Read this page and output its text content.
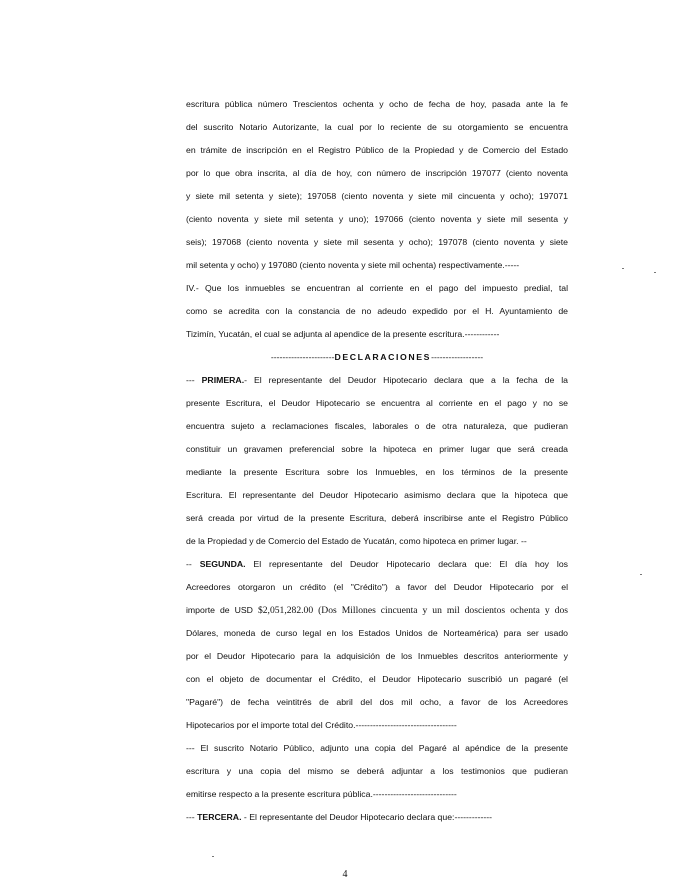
escritura pública número Trescientos ochenta y ocho de fecha de hoy, pasada ante la fe
del suscrito Notario Autorizante, la cual por lo reciente de su otorgamiento se encuentra
en trámite de inscripción en el Registro Público de la Propiedad y de Comercio del Estado
por lo que obra inscrita, al día de hoy, con número de inscripción 197077 (ciento noventa
y siete mil setenta y siete); 197058 (ciento noventa y siete mil cincuenta y ocho); 197071
(ciento noventa y siete mil setenta y uno); 197066 (ciento noventa y siete mil sesenta y
seis); 197068 (ciento noventa y siete mil sesenta y ocho); 197078 (ciento noventa y siete
mil setenta y ocho) y 197080 (ciento noventa y siete mil ochenta) respectivamente.-----
IV.- Que los inmuebles se encuentran al corriente en el pago del impuesto predial, tal
como se acredita con la constancia de no adeudo expedido por el H. Ayuntamiento de
Tizimín, Yucatán, el cual se adjunta al apendice de la presente escritura.------------
----------------------DECLARACIONES------------------
--- PRIMERA.- El representante del Deudor Hipotecario declara que a la fecha de la
presente Escritura, el Deudor Hipotecario se encuentra al corriente en el pago y no se
encuentra sujeto a reclamaciones fiscales, laborales o de otra naturaleza, que pudieran
constituir un gravamen preferencial sobre la hipoteca en primer lugar que será creada
mediante la presente Escritura sobre los Inmuebles, en los términos de la presente
Escritura. El representante del Deudor Hipotecario asimismo declara que la hipoteca que
será creada por virtud de la presente Escritura, deberá inscribirse ante el Registro Público
de la Propiedad y de Comercio del Estado de Yucatán, como hipoteca en primer lugar. --
-- SEGUNDA. El representante del Deudor Hipotecario declara que: El día hoy los
Acreedores otorgaron un crédito (el "Crédito") a favor del Deudor Hipotecario por el
importe de USD $2,051,282.00 (Dos Millones cincuenta y un mil doscientos ochenta y dos
Dólares, moneda de curso legal en los Estados Unidos de Norteamérica) para ser usado
por el Deudor Hipotecario para la adquisición de los Inmuebles descritos anteriormente y
con el objeto de documentar el Crédito, el Deudor Hipotecario suscribió un pagaré (el
"Pagaré") de fecha veintitrés de abril del dos mil ocho, a favor de los Acreedores
Hipotecarios por el importe total del Crédito.-----------------------------------
--- El suscrito Notario Público, adjunto una copia del Pagaré al apéndice de la presente
escritura y una copia del mismo se deberá adjuntar a los testimonios que pudieran
emitirse respecto a la presente escritura pública.-----------------------------
--- TERCERA. - El representante del Deudor Hipotecario declara que:-------------
4
